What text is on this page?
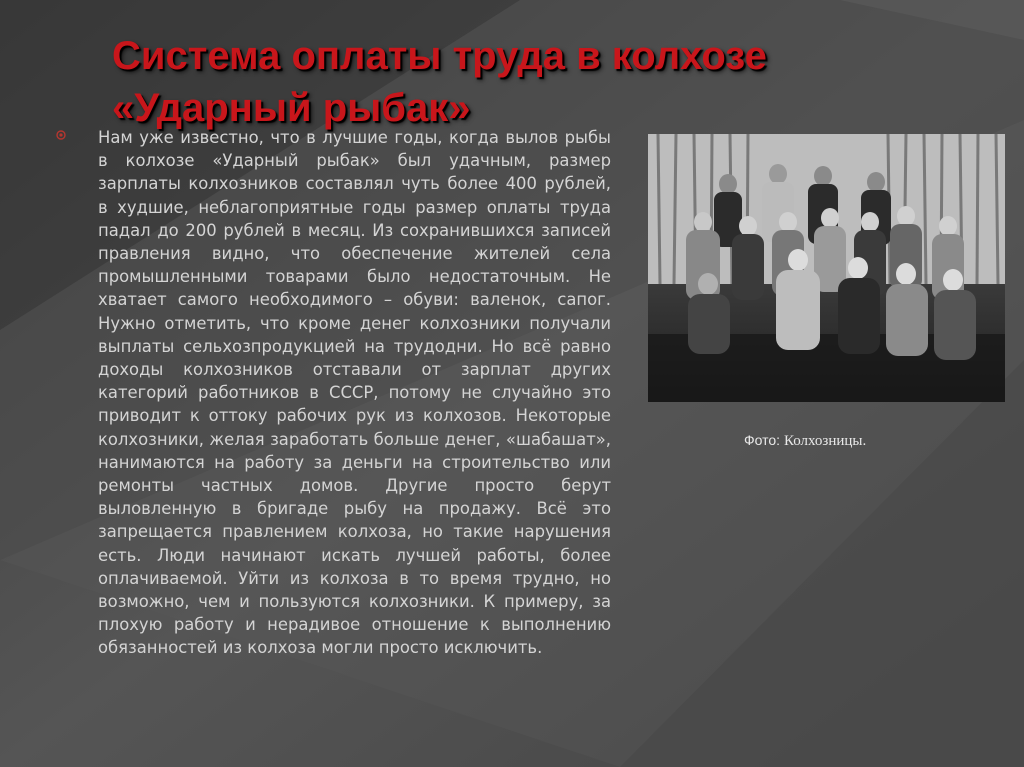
Система оплаты труда в колхозе
«Ударный рыбак»

Нам уже известно, что в лучшие годы, когда вылов рыбы в колхозе «Ударный рыбак» был удачным, размер зарплаты колхозников составлял чуть более 400 рублей, в худшие, неблагоприятные годы размер оплаты труда падал до 200 рублей в месяц. Из сохранившихся записей правления видно, что обеспечение жителей села промышленными товарами было недостаточным. Не хватает самого необходимого – обуви: валенок, сапог. Нужно отметить, что кроме денег колхозники получали выплаты сельхозпродукцией на трудодни. Но всё равно доходы колхозников отставали от зарплат других категорий работников в СССР, потому не случайно это приводит к оттоку рабочих рук из колхозов. Некоторые колхозники, желая заработать больше денег, «шабашат», нанимаются на работу за деньги на строительство или ремонты частных домов. Другие просто берут выловленную в бригаде рыбу на продажу. Всё это запрещается правлением колхоза, но такие нарушения есть. Люди начинают искать лучшей работы, более оплачиваемой. Уйти из колхоза в то время трудно, но возможно, чем и пользуются колхозники. К примеру, за плохую работу и нерадивое отношение к выполнению обязанностей из колхоза могли просто исключить.

Фото: Колхозницы.
